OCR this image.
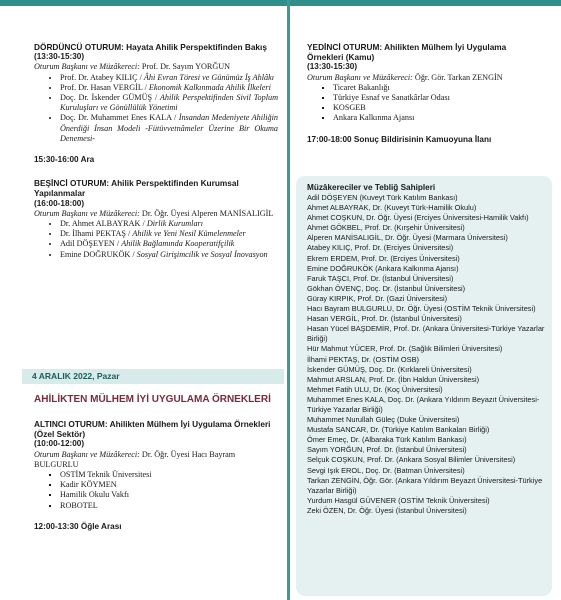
DÖRDÜNCÜ OTURUM: Hayata Ahilik Perspektifinden Bakış
(13:30-15:30)
Oturum Başkanı ve Müzâkereci: Prof. Dr. Sayım YORĞUN
• Prof. Dr. Atabey KILIÇ / Âhi Evran Töresi ve Günümüz İş Ahlâkı
• Prof. Dr. Hasan VERGİL / Ekonomik Kalkınmada Ahilik İlkeleri
• Doç. Dr. İskender GÜMÜŞ / Ahilik Perspektifinden Sivil Toplum Kuruluşları ve Gönüllülük Yönetimi
• Doç. Dr. Muhammet Enes KALA / İnsandan Medeniyete Ahiliğin Önerdiği İnsan Modeli -Fütüvvetnâmeler Üzerine Bir Okuma Denemesi-
15:30-16:00 Ara
BEŞİNCİ OTURUM: Ahilik Perspektifinden Kurumsal Yapılanmalar
(16:00-18:00)
Oturum Başkanı ve Müzâkereci: Dr. Öğr. Üyesi Alperen MANİSALIGİL
• Dr. Ahmet ALBAYRAK / Dirlik Kurumları
• Dr. İlhami PEKTAŞ / Ahilik ve Yeni Nesil Kümelenmeler
• Adil DÖŞEYEN / Ahilik Bağlamında Kooperatifçilik
• Emine DOĞRUKÖK / Sosyal Girişimcilik ve Sosyal İnovasyon
4 ARALIK 2022, Pazar
AHİLİKTEN MÜLHEM İYİ UYGULAMA ÖRNEKLERİ
ALTINCI OTURUM: Ahilikten Mülhem İyi Uygulama Örnekleri (Özel Sektör)
(10:00-12:00)
Oturum Başkanı ve Müzâkereci: Dr. Öğr. Üyesi Hacı Bayram BULGURLU
▪ OSTİM Teknik Üniversitesi
▪ Kadir KÖYMEN
▪ Hamilik Okulu Vakfı
▪ ROBOTEL
12:00-13:30 Öğle Arası
YEDİNCİ OTURUM: Ahilikten Mülhem İyi Uygulama Örnekleri (Kamu)
(13:30-15:30)
Oturum Başkanı ve Müzâkereci: Öğr. Gör. Tarkan ZENGİN
▪ Ticaret Bakanlığı
▪ Türkiye Esnaf ve Sanatkârlar Odası
▪ KOSGEB
▪ Ankara Kalkınma Ajansı
17:00-18:00 Sonuç Bildirisinin Kamuoyuna İlanı
Müzâkereciler ve Tebliğ Sahipleri
Adil DÖŞEYEN (Kuveyt Türk Katılım Bankası)
Ahmet ALBAYRAK, Dr. (Kuveyt Türk-Hamilik Okulu)
Ahmet COŞKUN, Dr. Öğr. Üyesi (Erciyes Üniversitesi-Hamilik Vakfı)
Ahmet GÖKBEL, Prof. Dr. (Kırşehir Üniversitesi)
Alperen MANİSALIGİL, Dr. Öğr. Üyesi (Marmara Üniversitesi)
Atabey KILIÇ, Prof. Dr. (Erciyes Üniversitesi)
Ekrem ERDEM, Prof. Dr. (Erciyes Üniversitesi)
Emine DOĞRUKÖK (Ankara Kalkınma Ajansı)
Faruk TAŞCI, Prof. Dr. (İstanbul Üniversitesi)
Gökhan ÖVENÇ, Doç. Dr. (İstanbul Üniversitesi)
Güray KIRPIK, Prof. Dr. (Gazi Üniversitesi)
Hacı Bayram BULGURLU, Dr. Öğr. Üyesi (OSTİM Teknik Üniversitesi)
Hasan VERGİL, Prof. Dr. (İstanbul Üniversitesi)
Hasan Yücel BAŞDEMİR, Prof. Dr. (Ankara Üniversitesi-Türkiye Yazarlar Birliği)
Hür Mahmut YÜCER, Prof. Dr. (Sağlık Bilimleri Üniversitesi)
İlhami PEKTAŞ, Dr. (OSTİM OSB)
İskender GÜMÜŞ, Doç. Dr. (Kırklareli Üniversitesi)
Mahmut ARSLAN, Prof. Dr. (İbn Haldun Üniversitesi)
Mehmet Fatih ULU, Dr. (Koç Üniversitesi)
Muhammet Enes KALA, Doç. Dr. (Ankara Yıldırım Beyazıt Üniversitesi-Türkiye Yazarlar Birliği)
Muhammet Nurullah Güleç (Duke Üniversitesi)
Mustafa SANCAR, Dr. (Türkiye Katılım Bankaları Birliği)
Ömer Emeç, Dr. (Albaraka Türk Katılım Bankası)
Sayım YORĞUN, Prof. Dr. (İstanbul Üniversitesi)
Selçuk COŞKUN, Prof. Dr. (Ankara Sosyal Bilimler Üniversitesi)
Sevgi Işık EROL, Doç. Dr. (Batman Üniversitesi)
Tarkan ZENGİN, Öğr. Gör. (Ankara Yıldırım Beyazıt Üniversitesi-Türkiye Yazarlar Birliği)
Yurdum Hasgül GÜVENER (OSTİM Teknik Üniversitesi)
Zeki ÖZEN, Dr. Öğr. Üyesi (İstanbul Üniversitesi)
